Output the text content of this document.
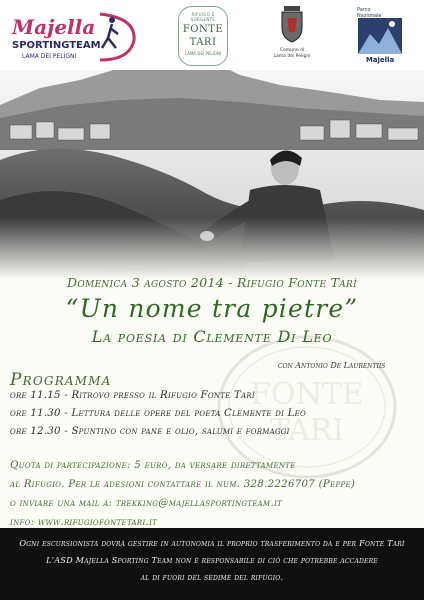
Majella
SPORTINGTEAM
LAMA DEI PELIGNI
RIFUGIO E SORGENTE
FONTE
TARI
LAMA DEI PELIGNI
Comune di
Lama dei Peligni
Parco
Nazionale
Majella
FONTE
TARI
Domenica 3 agosto 2014 - Rifugio Fonte Tarì
“Un nome tra pietre”
La poesia di Clemente Di Leo
con Antonio De Laurentiis
Programma
ore 11.15 - Ritrovo presso il Rifugio Fonte Tarì
ore 11.30 - Lettura delle opere del poeta Clemente di Leo
ore 12.30 - Spuntino con pane e olio, salumi e formaggi
Quota di partecipazione: 5 euro, da versare direttamente
al Rifugio. Per le adesioni contattare il num. 328.2226707 (Peppe)
o inviare una mail a: trekking@majellasportingteam.it
info: www.rifugiofontetari.it
Ogni escursionista dovrà gestire in autonomia il proprio trasferimento da e per Fonte Tarì
L'ASD Majella Sporting Team non è responsabile di ciò che potrebbe accadere
al di fuori del sedime del rifugio.
